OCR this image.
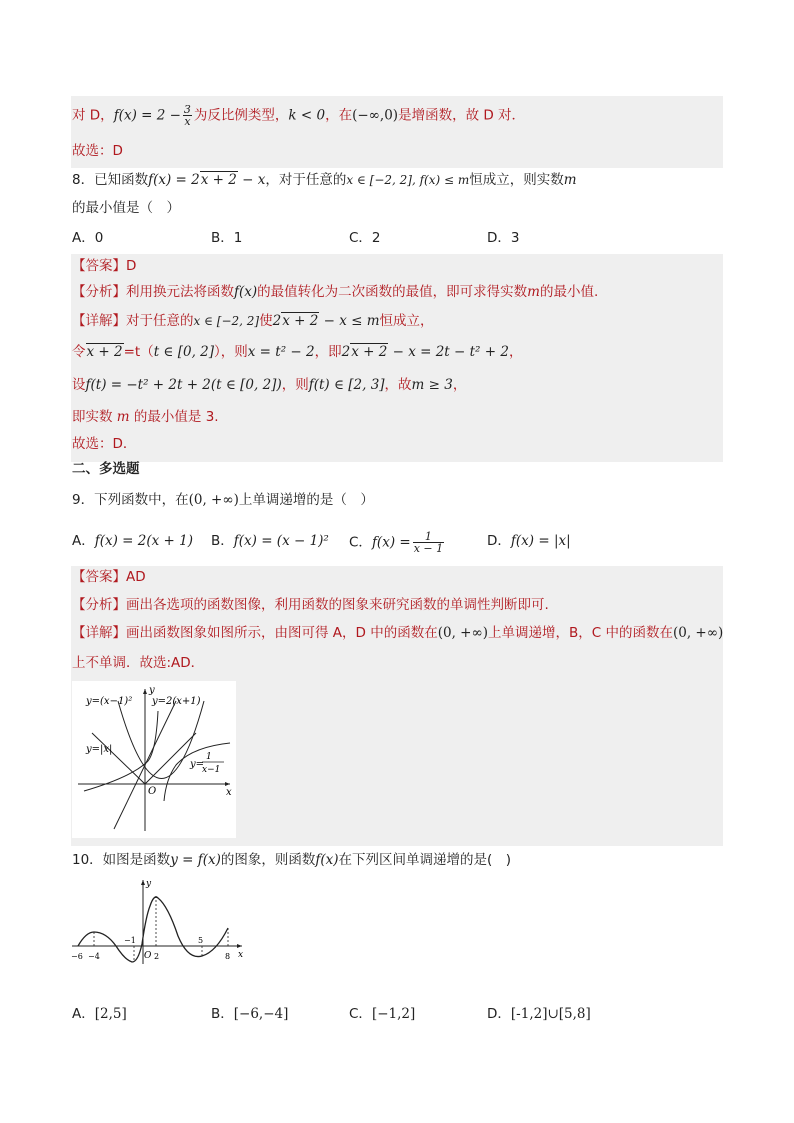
对 D，$f(x) = 2 - \frac{3}{x}$ 为反比例类型，k < 0，在(−∞,0)是增函数，故 D 对．
故选：D
8．已知函数f(x) = 2x + 2 − x，对于任意的x ∈ [−2, 2], f(x) ≤ m恒成立，则实数m
的最小值是（　）
A．0	B．1	C．2	D．3
【答案】D
【分析】利用换元法将函数f(x)的最值转化为二次函数的最值，即可求得实数m的最小值.
【详解】对于任意的x ∈ [−2, 2]使2x + 2 − x ≤ m恒成立，
令x + 2=t（t ∈ [0, 2]），则x = t² − 2，即2x + 2 − x = 2t − t² + 2，
设f(t) = −t² + 2t + 2(t ∈ [0, 2])，则f(t) ∈ [2, 3]，故m ≥ 3，
即实数 m 的最小值是 3.
故选：D．
二、多选题
9．下列函数中，在(0, +∞)上单调递增的是（　）
A．f(x) = 2(x + 1) B．f(x) = (x − 1)² C．$f(x) = \frac{1}{x - 1}$	D．f(x) = |x|
【答案】AD
【分析】画出各选项的函数图像，利用函数的图象来研究函数的单调性判断即可.
【详解】画出函数图象如图所示，由图可得 A，D 中的函数在(0, +∞)上单调递增，B，C 中的函数在(0, +∞)
上不单调．故选:AD．
y=(x−1)² y=2(x+1)
y=|x|
y=
1
x−1
y
x
O
10．如图是函数y = f(x)的图象，则函数f(x)在下列区间单调递增的是(　)
y
x
O
−6 −4
−1
2
5
8
A．[2,5]	B．[−6,−4]	C．[−1,2]	D．[-1,2]∪[5,8]
